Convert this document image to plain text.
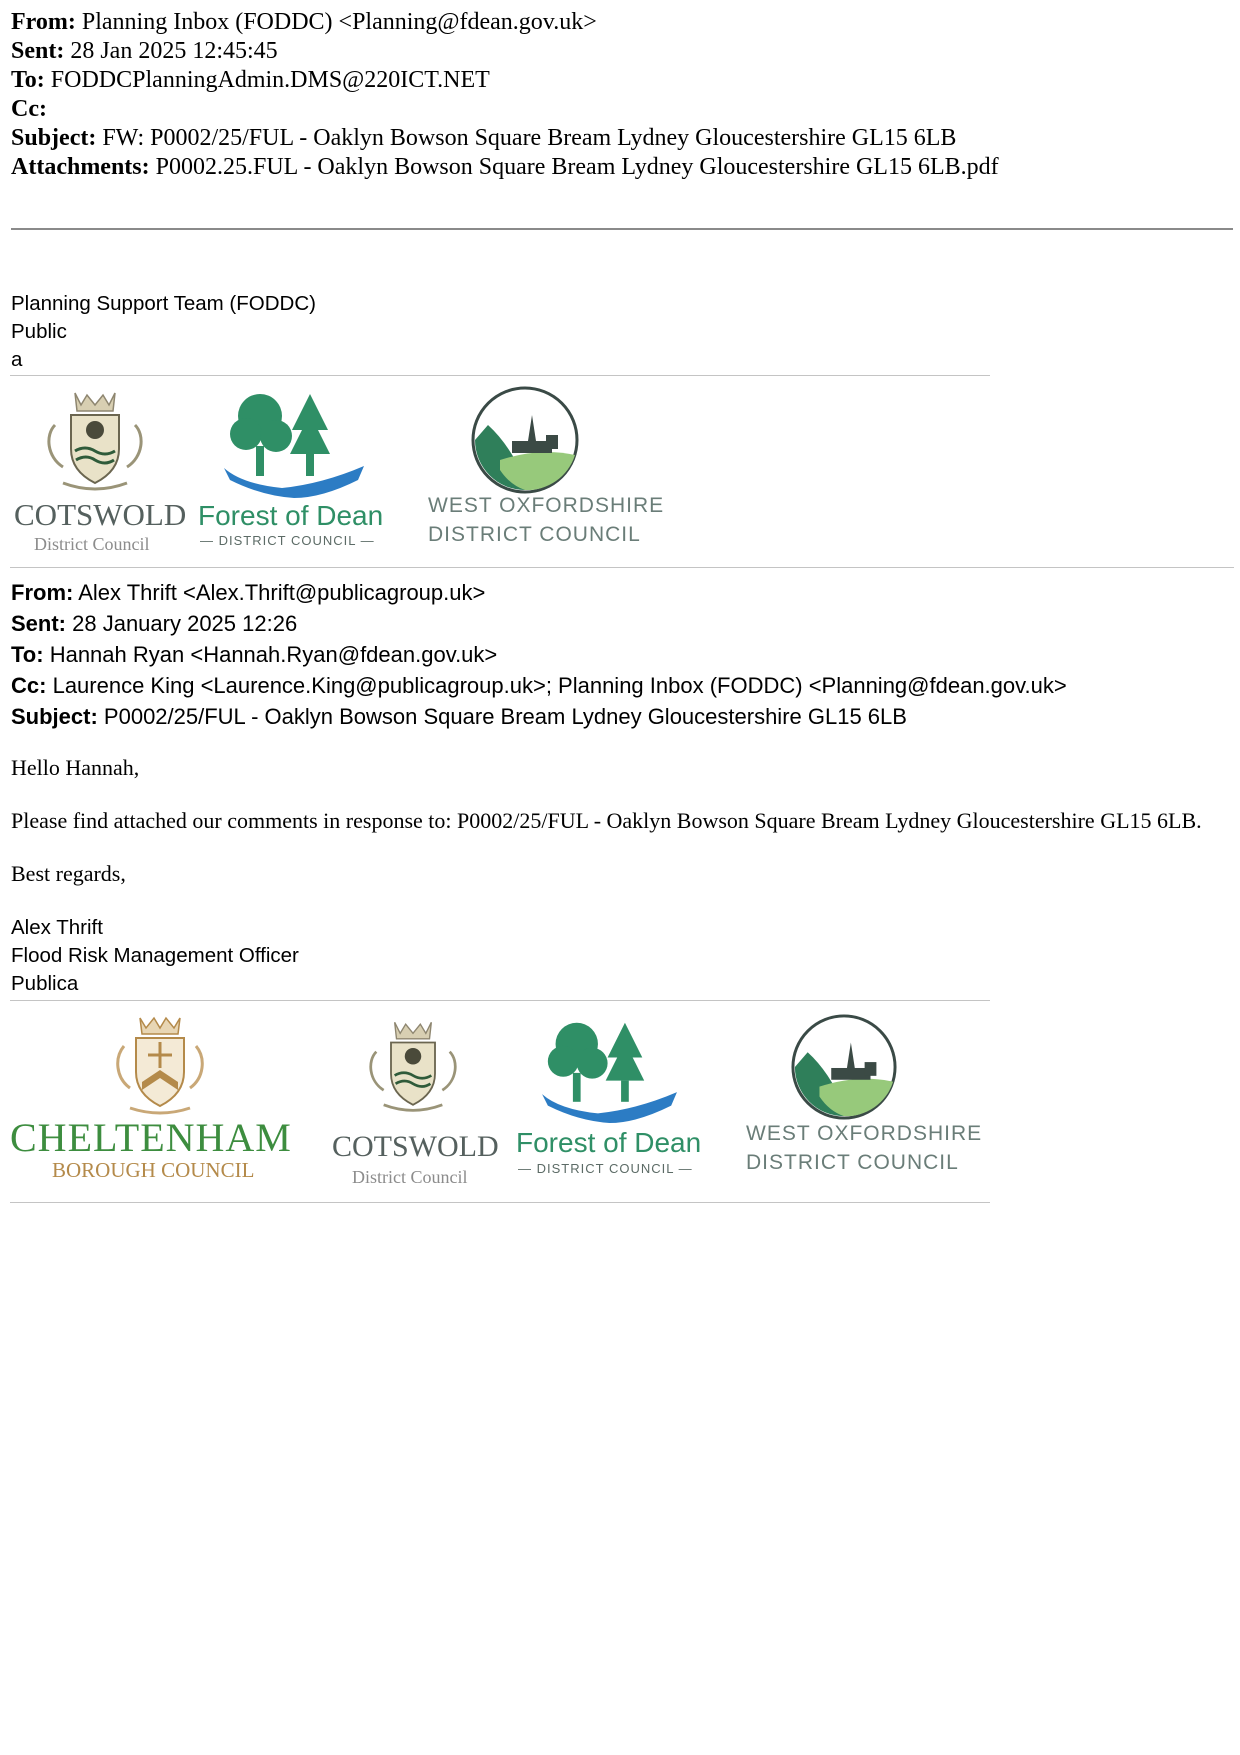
From: Planning Inbox (FODDC) <Planning@fdean.gov.uk>
Sent: 28 Jan 2025 12:45:45
To: FODDCPlanningAdmin.DMS@220ICT.NET
Cc:
Subject: FW: P0002/25/FUL - Oaklyn Bowson Square Bream Lydney Gloucestershire GL15 6LB
Attachments: P0002.25.FUL - Oaklyn Bowson Square Bream Lydney Gloucestershire GL15 6LB.pdf
Planning Support Team (FODDC)
Public
a
COTSWOLD
District Council
Forest of Dean
— DISTRICT COUNCIL —
WEST OXFORDSHIRE
DISTRICT COUNCIL
From: Alex Thrift <Alex.Thrift@publicagroup.uk>
Sent: 28 January 2025 12:26
To: Hannah Ryan <Hannah.Ryan@fdean.gov.uk>
Cc: Laurence King <Laurence.King@publicagroup.uk>; Planning Inbox (FODDC) <Planning@fdean.gov.uk>
Subject: P0002/25/FUL - Oaklyn Bowson Square Bream Lydney Gloucestershire GL15 6LB

Hello Hannah,

Please find attached our comments in response to: P0002/25/FUL - Oaklyn Bowson Square Bream Lydney Gloucestershire GL15 6LB.

Best regards,

Alex Thrift
Flood Risk Management Officer
Publica
CHELTENHAM
BOROUGH COUNCIL
COTSWOLD
District Council
Forest of Dean
— DISTRICT COUNCIL —
WEST OXFORDSHIRE
DISTRICT COUNCIL
